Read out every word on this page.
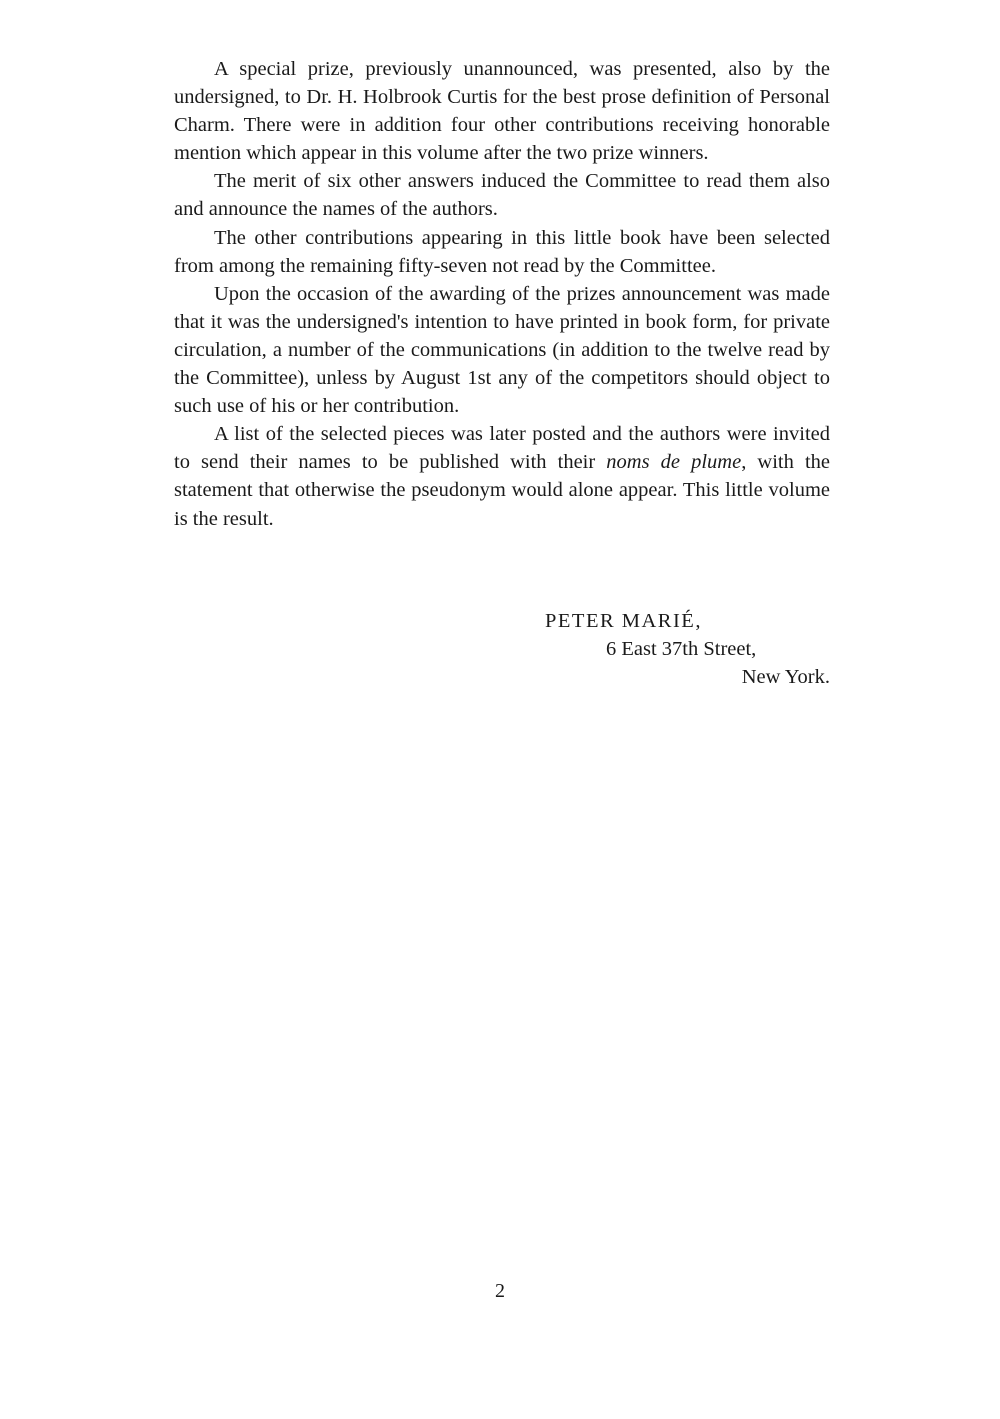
A special prize, previously unannounced, was presented, also by the undersigned, to Dr. H. Holbrook Curtis for the best prose definition of Personal Charm. There were in addition four other contributions receiving honorable mention which appear in this volume after the two prize winners.

The merit of six other answers induced the Committee to read them also and announce the names of the authors.

The other contributions appearing in this little book have been selected from among the remaining fifty-seven not read by the Committee.

Upon the occasion of the awarding of the prizes announcement was made that it was the undersigned's intention to have printed in book form, for private circulation, a number of the communications (in addition to the twelve read by the Committee), unless by August 1st any of the competitors should object to such use of his or her contribution.

A list of the selected pieces was later posted and the authors were invited to send their names to be published with their noms de plume, with the statement that otherwise the pseudonym would alone appear. This little volume is the result.

PETER MARIÉ,
6 East 37th Street,
New York.
2
